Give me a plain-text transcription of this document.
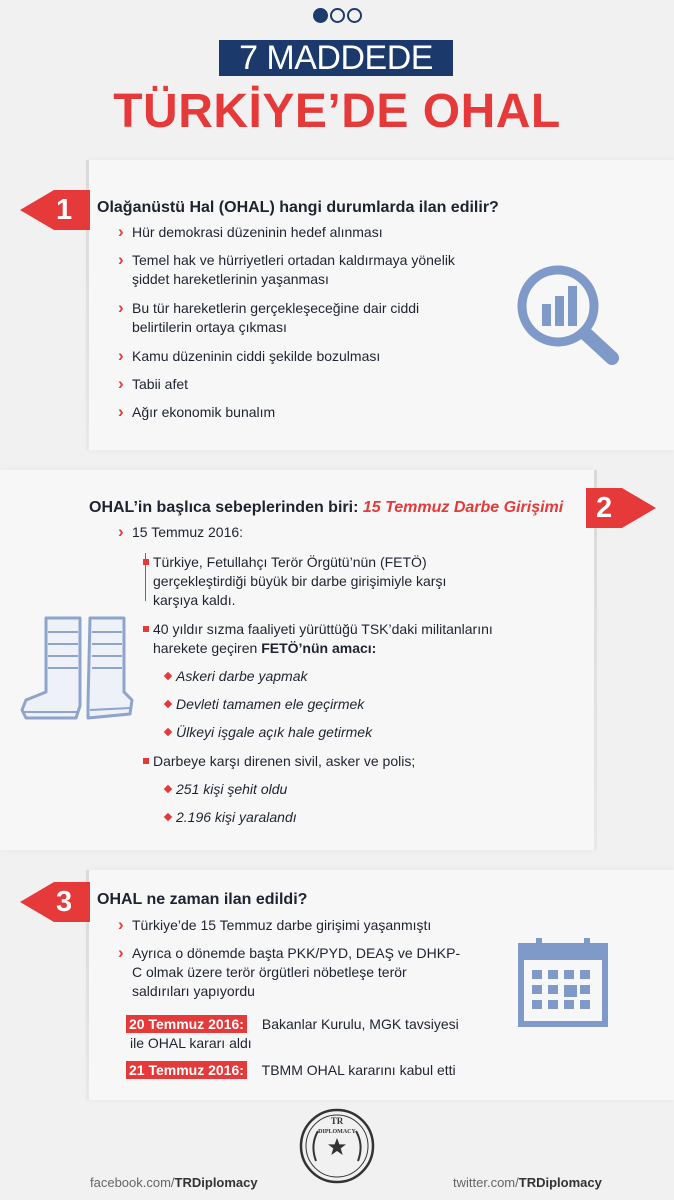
7 MADDEDE
TÜRKİYE’DE OHAL
1 Olağanüstü Hal (OHAL) hangi durumlarda ilan edilir?
› Hür demokrasi düzeninin hedef alınması
› Temel hak ve hürriyetleri ortadan kaldırmaya yönelik şiddet hareketlerinin yaşanması
› Bu tür hareketlerin gerçekleşeceğine dair ciddi belirtilerin ortaya çıkması
› Kamu düzeninin ciddi şekilde bozulması
› Tabii afet
› Ağır ekonomik bunalım
OHAL’in başlıca sebeplerinden biri: 15 Temmuz Darbe Girişimi 2
› 15 Temmuz 2016:
Türkiye, Fetullahçı Terör Örgütü’nün (FETÖ) gerçekleştirdiği büyük bir darbe girişimiyle karşı karşıya kaldı.
40 yıldır sızma faaliyeti yürüttüğü TSK’daki militanlarını harekete geçiren FETÖ’nün amacı:
Askeri darbe yapmak
Devleti tamamen ele geçirmek
Ülkeyi işgale açık hale getirmek
Darbeye karşı direnen sivil, asker ve polis;
251 kişi şehit oldu
2.196 kişi yaralandı
3 OHAL ne zaman ilan edildi?
› Türkiye’de 15 Temmuz darbe girişimi yaşanmıştı
› Ayrıca o dönemde başta PKK/PYD, DEAŞ ve DHKP-C olmak üzere terör örgütleri nöbetleşe terör saldırıları yapıyordu
20 Temmuz 2016: Bakanlar Kurulu, MGK tavsiyesi
ile OHAL kararı aldı
21 Temmuz 2016: TBMM OHAL kararını kabul etti
TR
DIPLOMACY
facebook.com/TRDiplomacy	twitter.com/TRDiplomacy
